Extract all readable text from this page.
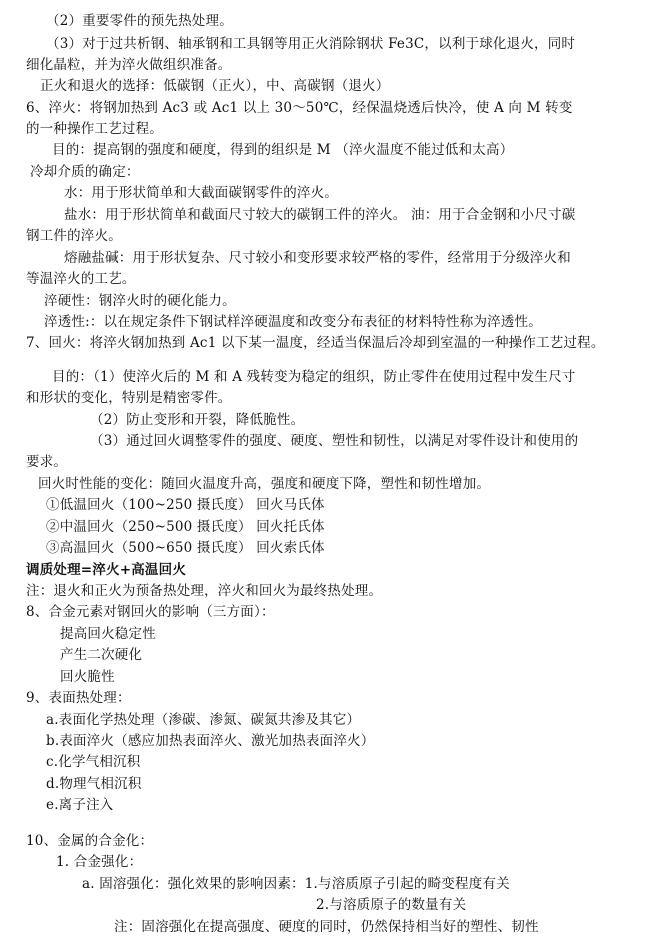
（2）重要零件的预先热处理。
（3）对于过共析钢、轴承钢和工具钢等用正火消除钢状 Fe3C，以利于球化退火，同时
细化晶粒，并为淬火做组织准备。
正火和退火的选择：低碳钢（正火），中、高碳钢（退火）
6、淬火：将钢加热到 Ac3 或 Ac1 以上 30～50℃，经保温烧透后快冷，使 A 向 M 转变
的一种操作工艺过程。
目的：提高钢的强度和硬度，得到的组织是 M （淬火温度不能过低和太高）
冷却介质的确定：
水：用于形状简单和大截面碳钢零件的淬火。
盐水：用于形状简单和截面尺寸较大的碳钢工件的淬火。 油：用于合金钢和小尺寸碳
钢工件的淬火。
熔融盐碱：用于形状复杂、尺寸较小和变形要求较严格的零件，经常用于分级淬火和
等温淬火的工艺。
淬硬性：钢淬火时的硬化能力。
淬透性:：以在规定条件下钢试样淬硬温度和改变分布表征的材料特性称为淬透性。
7、回火：将淬火钢加热到 Ac1 以下某一温度，经适当保温后冷却到室温的一种操作工艺过程。
目的：（1）使淬火后的 M 和 A 残转变为稳定的组织，防止零件在使用过程中发生尺寸
和形状的变化，特别是精密零件。
（2）防止变形和开裂，降低脆性。
（3）通过回火调整零件的强度、硬度、塑性和韧性，以满足对零件设计和使用的
要求。
回火时性能的变化：随回火温度升高，强度和硬度下降，塑性和韧性增加。
①低温回火（100~250 摄氏度） 回火马氏体
②中温回火（250~500 摄氏度） 回火托氏体
③高温回火（500~650 摄氏度） 回火索氏体
调质处理=淬火+高温回火
注：退火和正火为预备热处理，淬火和回火为最终热处理。
8、合金元素对钢回火的影响（三方面）：
提高回火稳定性
产生二次硬化
回火脆性
9、表面热处理：
a.表面化学热处理（渗碳、渗氮、碳氮共渗及其它）
b.表面淬火（感应加热表面淬火、激光加热表面淬火）
c.化学气相沉积
d.物理气相沉积
e.离子注入
10、金属的合金化：
1. 合金强化：
a. 固溶强化：强化效果的影响因素：1.与溶质原子引起的畸变程度有关
2.与溶质原子的数量有关
注：固溶强化在提高强度、硬度的同时，仍然保持相当好的塑性、韧性
